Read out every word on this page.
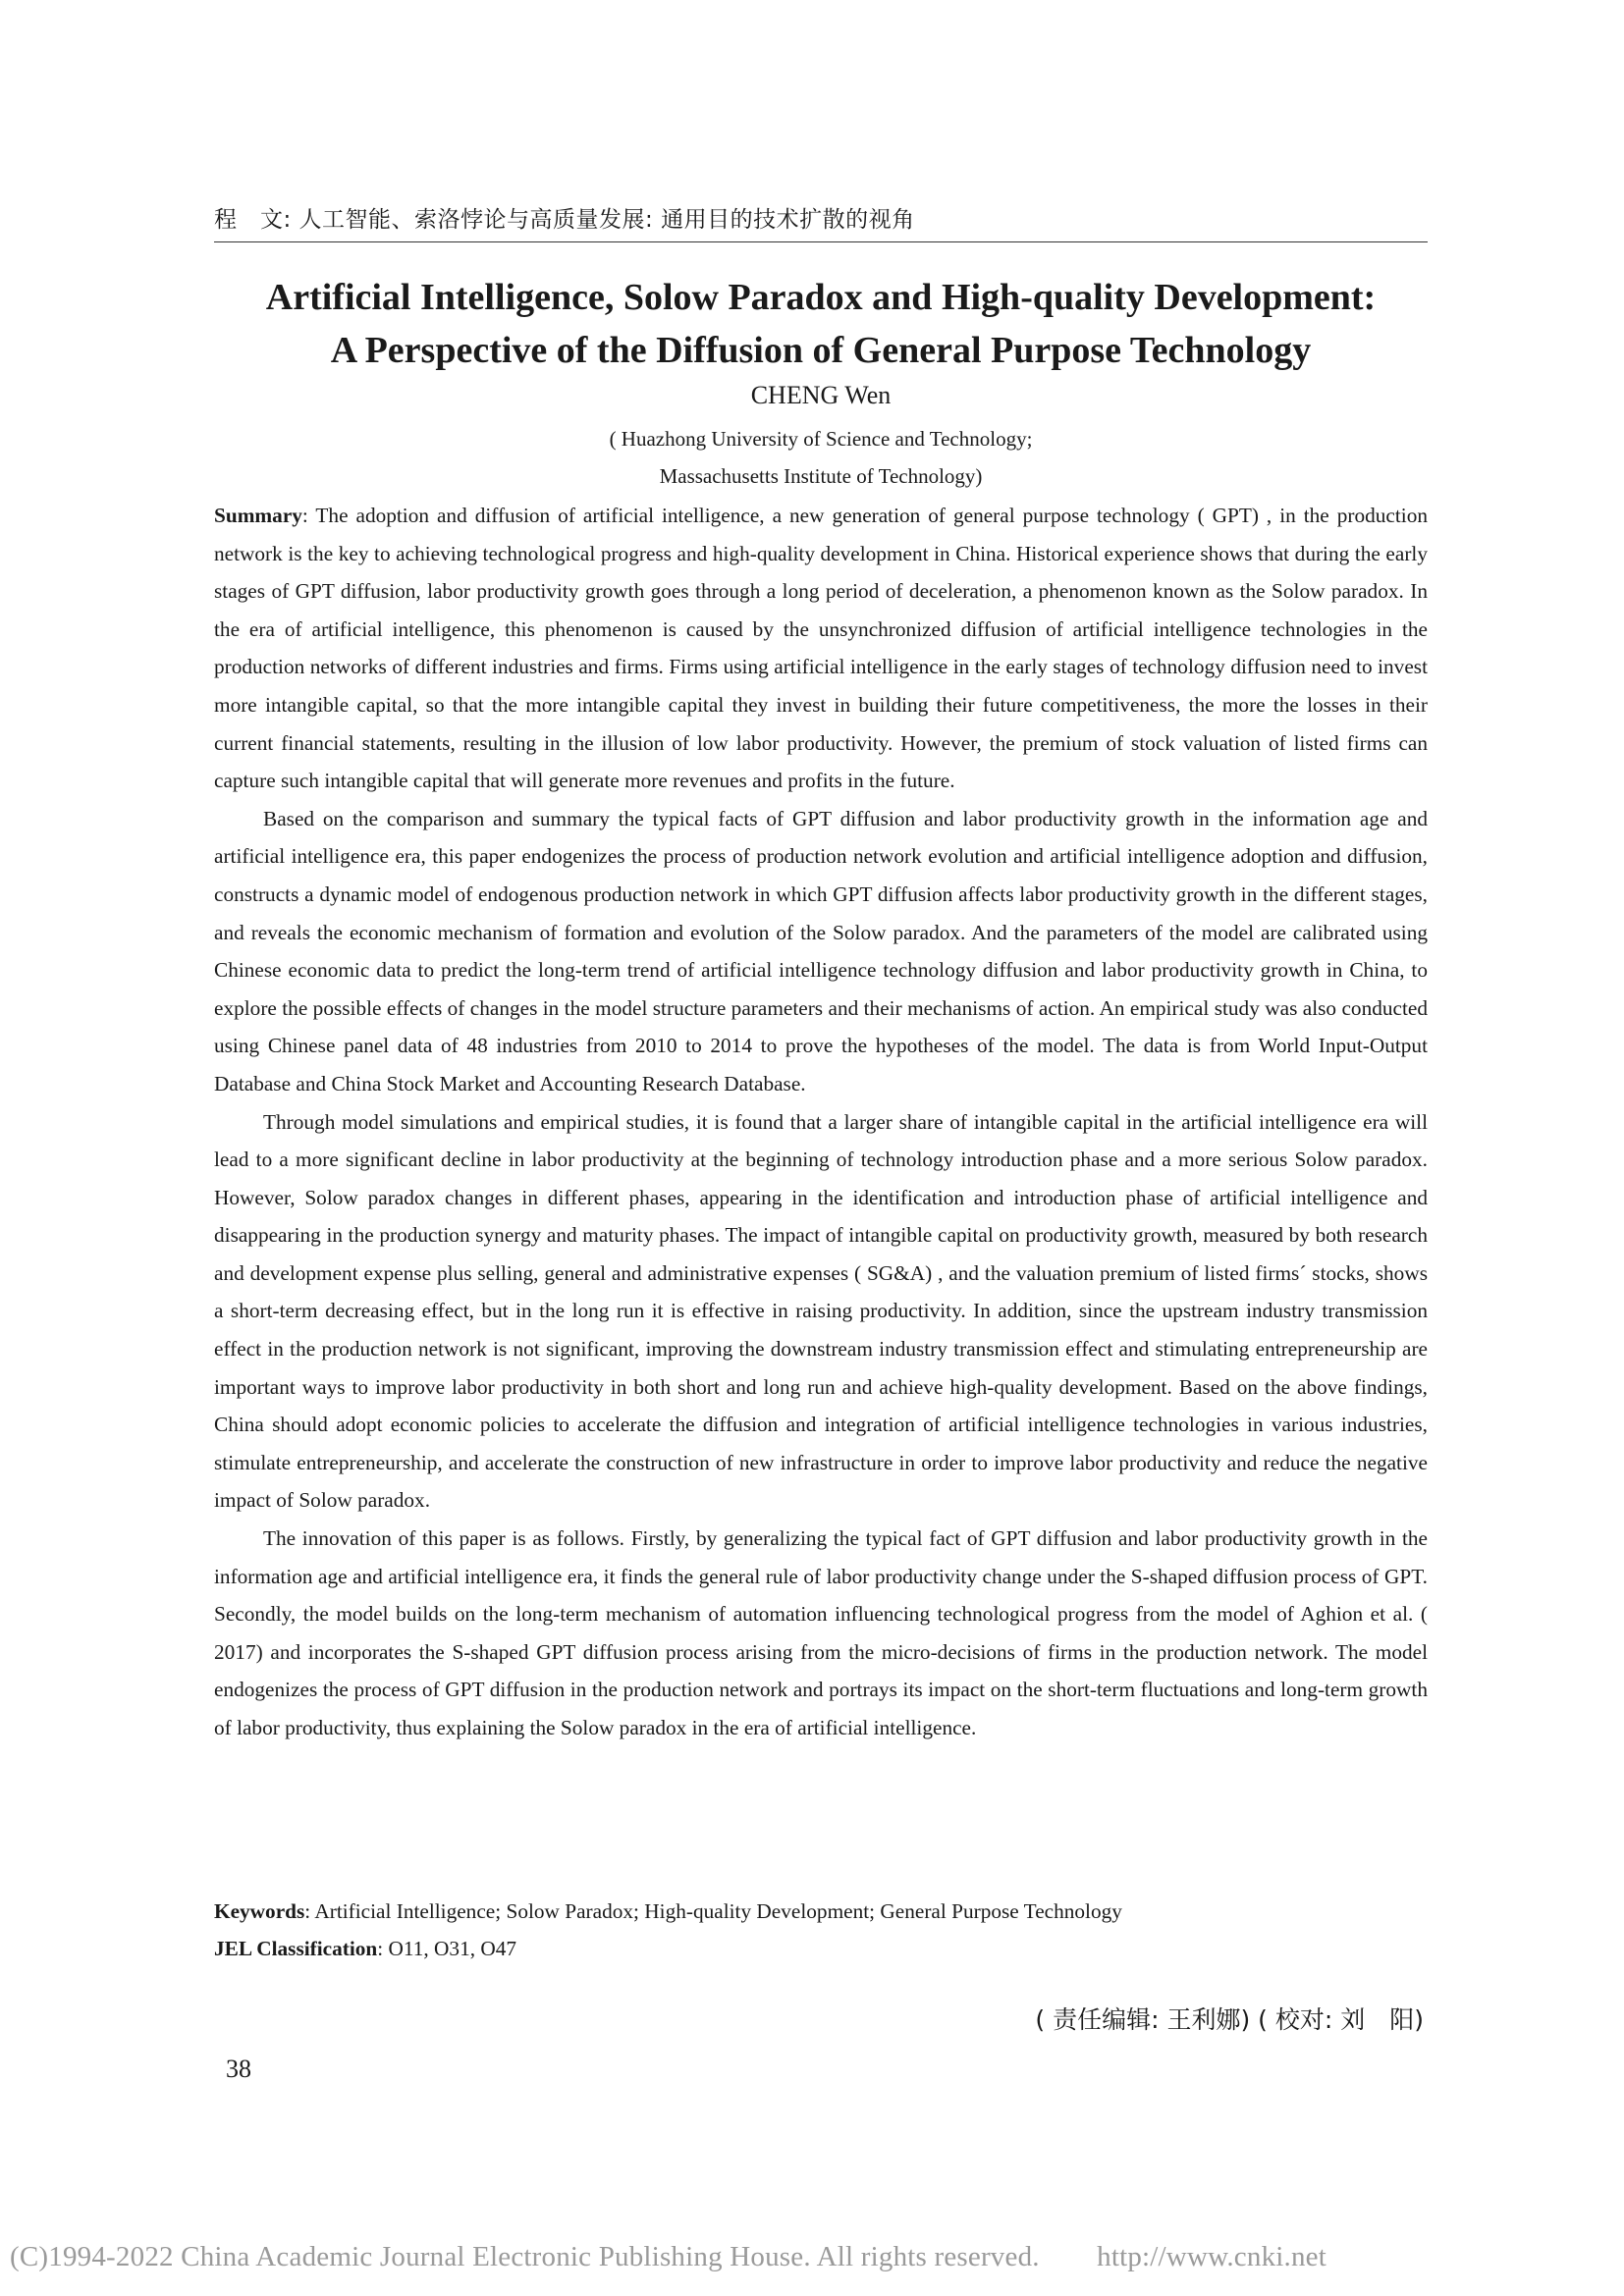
程　文: 人工智能、索洛悖论与高质量发展: 通用目的技术扩散的视角
Artificial Intelligence, Solow Paradox and High-quality Development:
A Perspective of the Diffusion of General Purpose Technology
CHENG Wen
( Huazhong University of Science and Technology;
Massachusetts Institute of Technology)

Summary: The adoption and diffusion of artificial intelligence, a new generation of general purpose technology ( GPT) , in the production network is the key to achieving technological progress and high-quality development in China. Historical experience shows that during the early stages of GPT diffusion, labor productivity growth goes through a long period of deceleration, a phenomenon known as the Solow paradox. In the era of artificial intelligence, this phenomenon is caused by the unsynchronized diffusion of artificial intelligence technologies in the production networks of different industries and firms. Firms using artificial intelligence in the early stages of technology diffusion need to invest more intangible capital, so that the more intangible capital they invest in building their future competitiveness, the more the losses in their current financial statements, resulting in the illusion of low labor productivity. However, the premium of stock valuation of listed firms can capture such intangible capital that will generate more revenues and profits in the future.

Based on the comparison and summary the typical facts of GPT diffusion and labor productivity growth in the information age and artificial intelligence era, this paper endogenizes the process of production network evolution and artificial intelligence adoption and diffusion, constructs a dynamic model of endogenous production network in which GPT diffusion affects labor productivity growth in the different stages, and reveals the economic mechanism of formation and evolution of the Solow paradox. And the parameters of the model are calibrated using Chinese economic data to predict the long-term trend of artificial intelligence technology diffusion and labor productivity growth in China, to explore the possible effects of changes in the model structure parameters and their mechanisms of action. An empirical study was also conducted using Chinese panel data of 48 industries from 2010 to 2014 to prove the hypotheses of the model. The data is from World Input-Output Database and China Stock Market and Accounting Research Database.

Through model simulations and empirical studies, it is found that a larger share of intangible capital in the artificial intelligence era will lead to a more significant decline in labor productivity at the beginning of technology introduction phase and a more serious Solow paradox. However, Solow paradox changes in different phases, appearing in the identification and introduction phase of artificial intelligence and disappearing in the production synergy and maturity phases. The impact of intangible capital on productivity growth, measured by both research and development expense plus selling, general and administrative expenses ( SG&A) , and the valuation premium of listed firms´ stocks, shows a short-term decreasing effect, but in the long run it is effective in raising productivity. In addition, since the upstream industry transmission effect in the production network is not significant, improving the downstream industry transmission effect and stimulating entrepreneurship are important ways to improve labor productivity in both short and long run and achieve high-quality development. Based on the above findings, China should adopt economic policies to accelerate the diffusion and integration of artificial intelligence technologies in various industries, stimulate entrepreneurship, and accelerate the construction of new infrastructure in order to improve labor productivity and reduce the negative impact of Solow paradox.

The innovation of this paper is as follows. Firstly, by generalizing the typical fact of GPT diffusion and labor productivity growth in the information age and artificial intelligence era, it finds the general rule of labor productivity change under the S-shaped diffusion process of GPT. Secondly, the model builds on the long-term mechanism of automation influencing technological progress from the model of Aghion et al. ( 2017) and incorporates the S-shaped GPT diffusion process arising from the micro-decisions of firms in the production network. The model endogenizes the process of GPT diffusion in the production network and portrays its impact on the short-term fluctuations and long-term growth of labor productivity, thus explaining the Solow paradox in the era of artificial intelligence.

Keywords: Artificial Intelligence; Solow Paradox; High-quality Development; General Purpose Technology
JEL Classification: O11, O31, O47
( 责任编辑: 王利娜) ( 校对: 刘　阳)
38
(C)1994-2022 China Academic Journal Electronic Publishing House. All rights reserved.　　http://www.cnki.net
